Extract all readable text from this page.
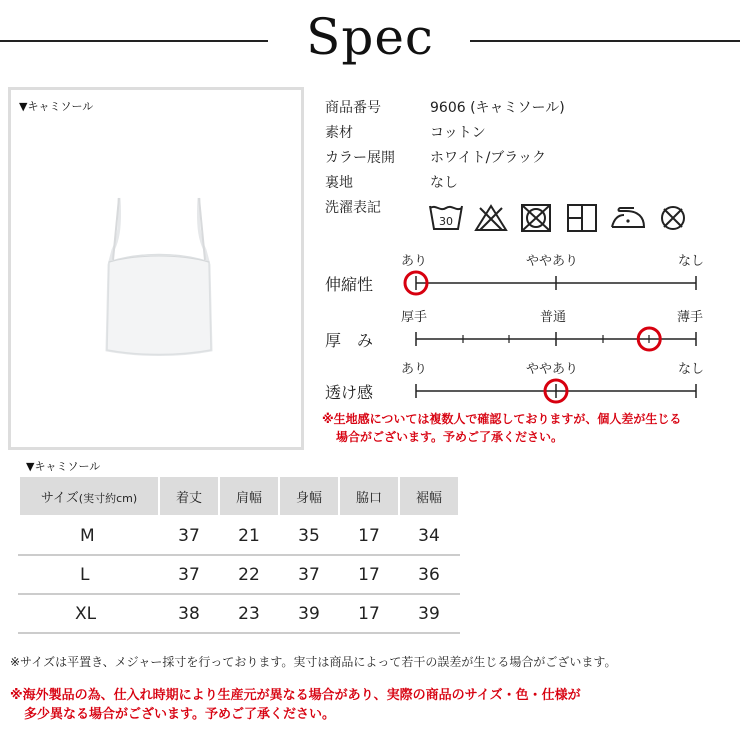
Spec
▼キャミソール	商品番号	9606 (キャミソール)
素材	コットン
カラー展開	ホワイト/ブラック
裏地	なし
洗濯表記
30
あり	ややあり	なし
伸縮性
厚手	普通	薄手
厚　み
あり	ややあり	なし
透け感
※生地感については複数人で確認しておりますが、個人差が生じる
場合がございます。予めご了承ください。
▼キャミソール
サイズ(実寸約cm)	着丈	肩幅	身幅	脇口	裾幅
M	37	21	35	17	34
L	37	22	37	17	36
XL	38	23	39	17	39
※サイズは平置き、メジャー採寸を行っております。実寸は商品によって若干の誤差が生じる場合がございます。
※海外製品の為、仕入れ時期により生産元が異なる場合があり、実際の商品のサイズ・色・仕様が
多少異なる場合がございます。予めご了承ください。
